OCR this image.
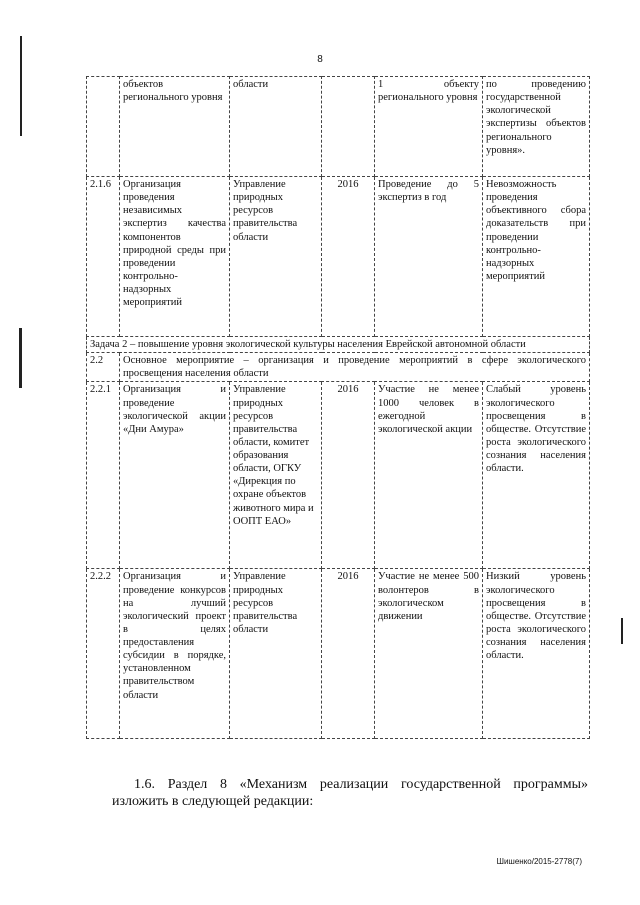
8
	объектов регионального уровня	области		1 объекту регионального уровня	по проведению государственной экологической экспертизы объектов регионального уровня».
2.1.6	Организация проведения независимых экспертиз качества компонентов природной среды при проведении контрольно-надзорных мероприятий	Управление природных ресурсов правительства области	2016	Проведение до 5 экспертиз в год	Невозможность проведения объективного сбора доказательств при проведении контрольно-надзорных мероприятий
Задача 2 – повышение уровня экологической культуры населения Еврейской автономной области					
2.2	Основное мероприятие – организация и проведение мероприятий в сфере экологического просвещения населения области				
2.2.1	Организация и проведение экологической акции «Дни Амура»	Управление природных ресурсов правительства области, комитет образования области, ОГКУ «Дирекция по охране объектов животного мира и ООПТ ЕАО»	2016	Участие не менее 1000 человек в ежегодной экологической акции	Слабый уровень экологического просвещения в обществе. Отсутствие роста экологического сознания населения области.
2.2.2	Организация и проведение конкурсов на лучший экологический проект в целях предоставления субсидии в порядке, установленном правительством области	Управление природных ресурсов правительства области	2016	Участие не менее 500 волонтеров в экологическом движении	Низкий уровень экологического просвещения в обществе. Отсутствие роста экологического сознания населения области.
1.6. Раздел 8 «Механизм реализации государственной программы»
изложить в следующей редакции:
Шишенко/2015-2778(7)
